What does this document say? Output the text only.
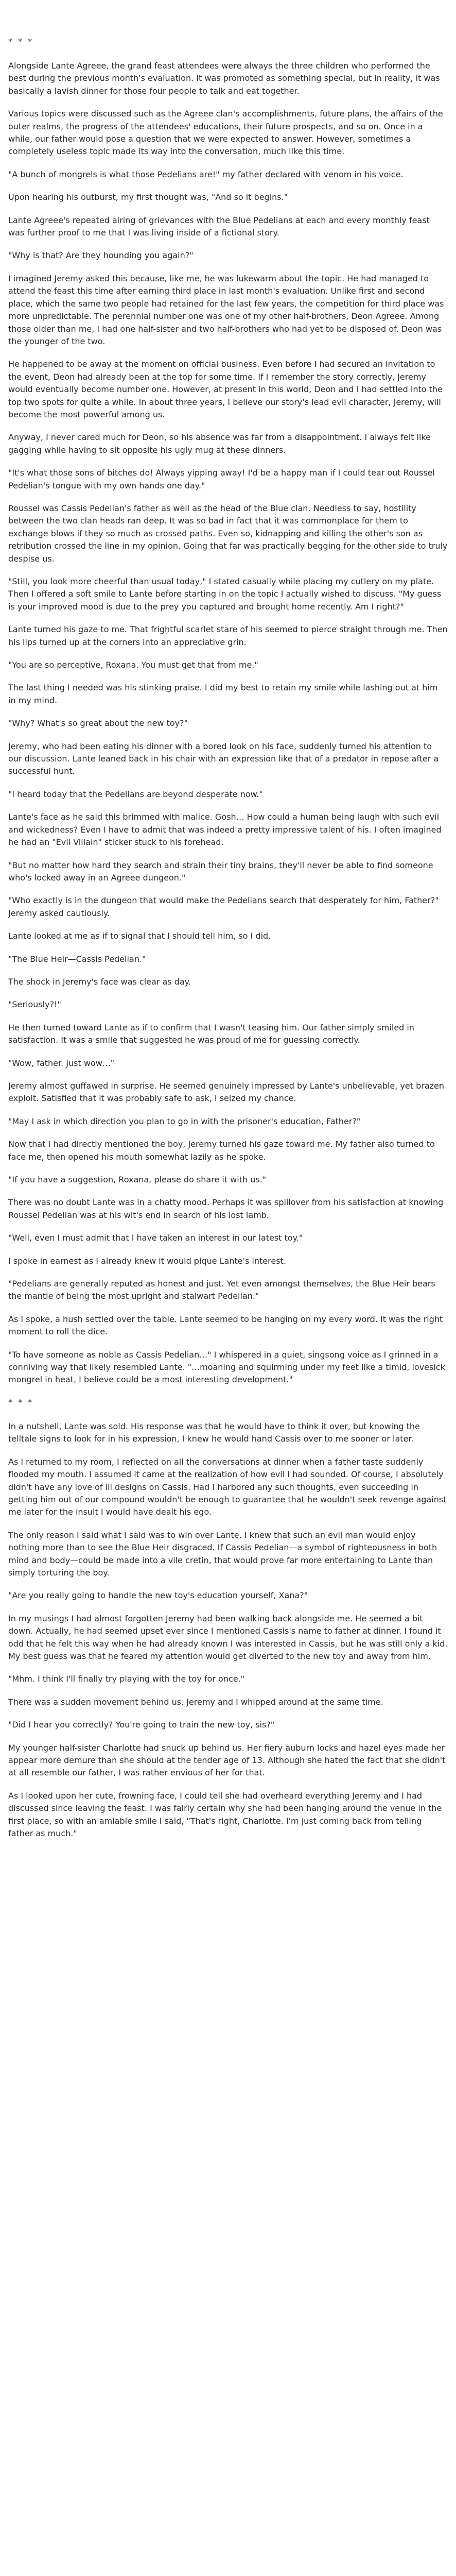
* * *

Alongside Lante Agreee, the grand feast attendees were always the three children who performed the best during the previous month's evaluation. It was promoted as something special, but in reality, it was basically a lavish dinner for those four people to talk and eat together.

Various topics were discussed such as the Agreee clan's accomplishments, future plans, the affairs of the outer realms, the progress of the attendees' educations, their future prospects, and so on. Once in a while, our father would pose a question that we were expected to answer. However, sometimes a completely useless topic made its way into the conversation, much like this time.

"A bunch of mongrels is what those Pedelians are!" my father declared with venom in his voice.

Upon hearing his outburst, my first thought was, "And so it begins."

Lante Agreee's repeated airing of grievances with the Blue Pedelians at each and every monthly feast was further proof to me that I was living inside of a fictional story.

"Why is that? Are they hounding you again?"

I imagined Jeremy asked this because, like me, he was lukewarm about the topic. He had managed to attend the feast this time after earning third place in last month's evaluation. Unlike first and second place, which the same two people had retained for the last few years, the competition for third place was more unpredictable. The perennial number one was one of my other half-brothers, Deon Agreee. Among those older than me, I had one half-sister and two half-brothers who had yet to be disposed of. Deon was the younger of the two.

He happened to be away at the moment on official business. Even before I had secured an invitation to the event, Deon had already been at the top for some time. If I remember the story correctly, Jeremy would eventually become number one. However, at present in this world, Deon and I had settled into the top two spots for quite a while. In about three years, I believe our story's lead evil character, Jeremy, will become the most powerful among us.

Anyway, I never cared much for Deon, so his absence was far from a disappointment. I always felt like gagging while having to sit opposite his ugly mug at these dinners.

"It's what those sons of bitches do! Always yipping away! I'd be a happy man if I could tear out Roussel Pedelian's tongue with my own hands one day."

Roussel was Cassis Pedelian's father as well as the head of the Blue clan. Needless to say, hostility between the two clan heads ran deep. It was so bad in fact that it was commonplace for them to exchange blows if they so much as crossed paths. Even so, kidnapping and killing the other's son as retribution crossed the line in my opinion. Going that far was practically begging for the other side to truly despise us.

"Still, you look more cheerful than usual today," I stated casually while placing my cutlery on my plate. Then I offered a soft smile to Lante before starting in on the topic I actually wished to discuss. "My guess is your improved mood is due to the prey you captured and brought home recently. Am I right?"

Lante turned his gaze to me. That frightful scarlet stare of his seemed to pierce straight through me. Then his lips turned up at the corners into an appreciative grin.

"You are so perceptive, Roxana. You must get that from me."

The last thing I needed was his stinking praise. I did my best to retain my smile while lashing out at him in my mind.

"Why? What's so great about the new toy?"

Jeremy, who had been eating his dinner with a bored look on his face, suddenly turned his attention to our discussion. Lante leaned back in his chair with an expression like that of a predator in repose after a successful hunt.

"I heard today that the Pedelians are beyond desperate now."

Lante's face as he said this brimmed with malice. Gosh… How could a human being laugh with such evil and wickedness? Even I have to admit that was indeed a pretty impressive talent of his. I often imagined he had an "Evil Villain" sticker stuck to his forehead.

"But no matter how hard they search and strain their tiny brains, they'll never be able to find someone who's locked away in an Agreee dungeon."

"Who exactly is in the dungeon that would make the Pedelians search that desperately for him, Father?" Jeremy asked cautiously.

Lante looked at me as if to signal that I should tell him, so I did.

"The Blue Heir—Cassis Pedelian."

The shock in Jeremy's face was clear as day.

"Seriously?!"

He then turned toward Lante as if to confirm that I wasn't teasing him. Our father simply smiled in satisfaction. It was a smile that suggested he was proud of me for guessing correctly.

"Wow, father. Just wow…"

Jeremy almost guffawed in surprise. He seemed genuinely impressed by Lante's unbelievable, yet brazen exploit. Satisfied that it was probably safe to ask, I seized my chance.

"May I ask in which direction you plan to go in with the prisoner's education, Father?"

Now that I had directly mentioned the boy, Jeremy turned his gaze toward me. My father also turned to face me, then opened his mouth somewhat lazily as he spoke.

"If you have a suggestion, Roxana, please do share it with us."

There was no doubt Lante was in a chatty mood. Perhaps it was spillover from his satisfaction at knowing Roussel Pedelian was at his wit's end in search of his lost lamb.

"Well, even I must admit that I have taken an interest in our latest toy."

I spoke in earnest as I already knew it would pique Lante's interest.

"Pedelians are generally reputed as honest and just. Yet even amongst themselves, the Blue Heir bears the mantle of being the most upright and stalwart Pedelian."

As I spoke, a hush settled over the table. Lante seemed to be hanging on my every word. It was the right moment to roll the dice.

"To have someone as noble as Cassis Pedelian…" I whispered in a quiet, singsong voice as I grinned in a conniving way that likely resembled Lante. "…moaning and squirming under my feet like a timid, lovesick mongrel in heat, I believe could be a most interesting development."

* * *

In a nutshell, Lante was sold. His response was that he would have to think it over, but knowing the telltale signs to look for in his expression, I knew he would hand Cassis over to me sooner or later.

As I returned to my room, I reflected on all the conversations at dinner when a father taste suddenly flooded my mouth. I assumed it came at the realization of how evil I had sounded. Of course, I absolutely didn't have any love of ill designs on Cassis. Had I harbored any such thoughts, even succeeding in getting him out of our compound wouldn't be enough to guarantee that he wouldn't seek revenge against me later for the insult I would have dealt his ego.

The only reason I said what I said was to win over Lante. I knew that such an evil man would enjoy nothing more than to see the Blue Heir disgraced. If Cassis Pedelian—a symbol of righteousness in both mind and body—could be made into a vile cretin, that would prove far more entertaining to Lante than simply torturing the boy.

"Are you really going to handle the new toy's education yourself, Xana?"

In my musings I had almost forgotten Jeremy had been walking back alongside me. He seemed a bit down. Actually, he had seemed upset ever since I mentioned Cassis's name to father at dinner. I found it odd that he felt this way when he had already known I was interested in Cassis, but he was still only a kid. My best guess was that he feared my attention would get diverted to the new toy and away from him.

"Mhm. I think I'll finally try playing with the toy for once."

There was a sudden movement behind us. Jeremy and I whipped around at the same time.

"Did I hear you correctly? You're going to train the new toy, sis?"

My younger half-sister Charlotte had snuck up behind us. Her fiery auburn locks and hazel eyes made her appear more demure than she should at the tender age of 13. Although she hated the fact that she didn't at all resemble our father, I was rather envious of her for that.

As I looked upon her cute, frowning face, I could tell she had overheard everything Jeremy and I had discussed since leaving the feast. I was fairly certain why she had been hanging around the venue in the first place, so with an amiable smile I said, "That's right, Charlotte. I'm just coming back from telling father as much."
